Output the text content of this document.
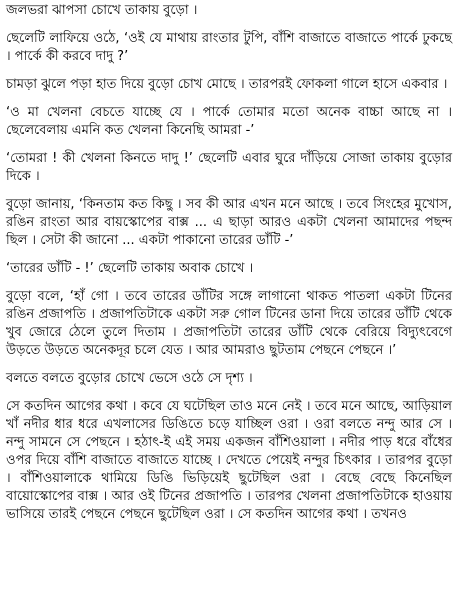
জলভরা ঝাপসা চোখে তাকায় বুড়ো ।

ছেলেটি লাফিয়ে ওঠে, ‘ওই যে মাথায় রাংতার টুপি, বাঁশি বাজাতে বাজাতে পার্কে ঢুকছে । পার্কে কী করবে দাদু ?’

চামড়া ঝুলে পড়া হাত দিয়ে বুড়ো চোখ মোছে । তারপরই ফোকলা গালে হাসে একবার ।

‘ও মা খেলনা বেচতে যাচ্ছে যে । পার্কে তোমার মতো অনেক বাচ্চা আছে না । ছেলেবেলায় এমনি কত খেলনা কিনেছি আমরা -’

‘তোমরা ! কী খেলনা কিনতে দাদু !’ ছেলেটি এবার ঘুরে দাঁড়িয়ে সোজা তাকায় বুড়োর দিকে ।

বুড়ো জানায়, ‘কিনতাম কত কিছু । সব কী আর এখন মনে আছে । তবে সিংহের মুখোস, রঙিন রাংতা আর বায়স্কোপের বাক্স ... এ ছাড়া আরও একটা খেলনা আমাদের পছন্দ ছিল । সেটা কী জানো ... একটা পাকানো তারের ডাঁটি -’

‘তারের ডাঁটি - !’ ছেলেটি তাকায় অবাক চোখে ।

বুড়ো বলে, ‘হাঁ গো । তবে তারের ডাঁটির সঙ্গে লাগানো থাকত পাতলা একটা টিনের রঙিন প্রজাপতি । প্রজাপতিটাকে একটা সরু গোল টিনের ডানা দিয়ে তারের ডাঁটি থেকে খুব জোরে ঠেলে তুলে দিতাম । প্রজাপতিটা তারের ডাঁটি থেকে বেরিয়ে বিদ্যুৎবেগে উড়তে উড়তে অনেকদূর চলে যেত । আর আমরাও ছুটতাম পেছনে পেছনে ।’

বলতে বলতে বুড়োর চোখে ভেসে ওঠে সে দৃশ্য ।

সে কতদিন আগের কথা । কবে যে ঘটেছিল তাও মনে নেই । তবে মনে আছে, আড়িয়াল খাঁ নদীর ধার ধরে এখলাসের ডিঙিতে চড়ে যাচ্ছিল ওরা । ওরা বলতে নন্দু আর সে । নন্দু সামনে সে পেছনে । হঠাৎ-ই এই সময় একজন বাঁশিওয়ালা । নদীর পাড় ধরে বাঁধের ওপর দিয়ে বাঁশি বাজাতে বাজাতে যাচ্ছে । দেখতে পেয়েই নন্দুর চিৎকার । তারপর বুড়ো । বাঁশিওয়ালাকে থামিয়ে ডিঙি ভিড়িয়েই ছুটেছিল ওরা । বেছে বেছে কিনেছিল বায়োস্কোপের বাক্স । আর ওই টিনের প্রজাপতি । তারপর খেলনা প্রজাপতিটাকে হাওয়ায় ভাসিয়ে তারই পেছনে পেছনে ছুটেছিল ওরা । সে কতদিন আগের কথা । তখনও
